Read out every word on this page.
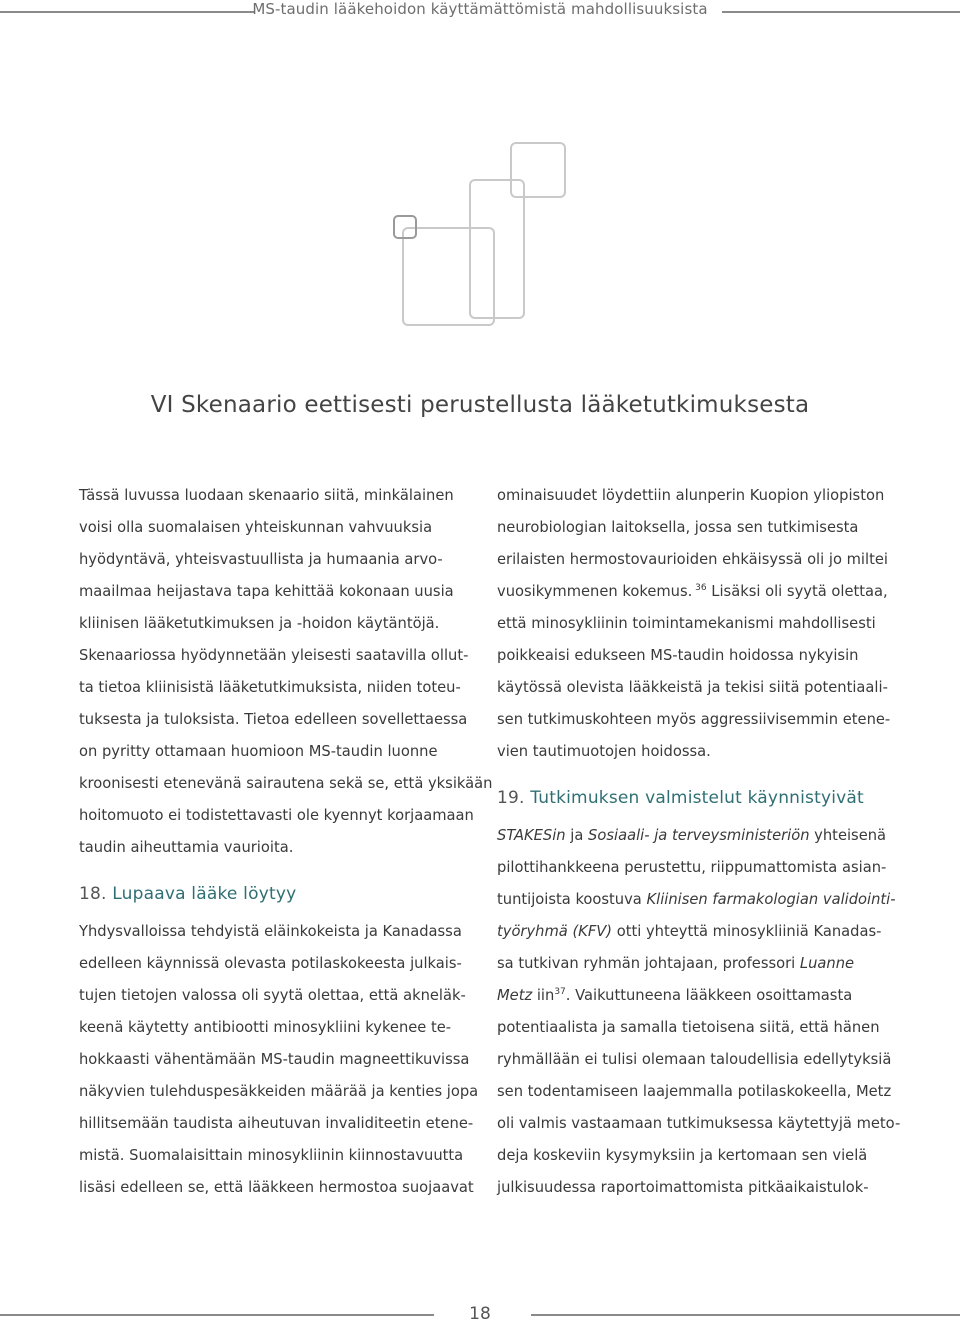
MS-taudin lääkehoidon käyttämättömistä mahdollisuuksista
VI Skenaario eettisesti perustellusta lääketutkimuksesta

Tässä luvussa luodaan skenaario siitä, minkälainen
voisi olla suomalaisen yhteiskunnan vahvuuksia
hyödyntävä, yhteisvastuullista ja humaania arvo-
maailmaa heijastava tapa kehittää kokonaan uusia
kliinisen lääketutkimuksen ja -hoidon käytäntöjä.
Skenaariossa hyödynnetään yleisesti saatavilla ollut-
ta tietoa kliinisistä lääketutkimuksista, niiden toteu-
tuksesta ja tuloksista. Tietoa edelleen sovellettaessa
on pyritty ottamaan huomioon MS-taudin luonne
kroonisesti etenevänä sairautena sekä se, että yksikään
hoitomuoto ei todistettavasti ole kyennyt korjaamaan
taudin aiheuttamia vaurioita.

18. Lupaava lääke löytyy

Yhdysvalloissa tehdyistä eläinkokeista ja Kanadassa
edelleen käynnissä olevasta potilaskokeesta julkais-
tujen tietojen valossa oli syytä olettaa, että akneläk-
keenä käytetty antibiootti minosykliini kykenee te-
hokkaasti vähentämään MS-taudin magneettikuvissa
näkyvien tulehduspesäkkeiden määrää ja kenties jopa
hillitsemään taudista aiheutuvan invaliditeetin etene-
mistä. Suomalaisittain minosykliinin kiinnostavuutta
lisäsi edelleen se, että lääkkeen hermostoa suojaavat

ominaisuudet löydettiin alunperin Kuopion yliopiston
neurobiologian laitoksella, jossa sen tutkimisesta
erilaisten hermostovaurioiden ehkäisyssä oli jo miltei
vuosikymmenen kokemus. $^{36}$ Lisäksi oli syytä olettaa,
että minosykliinin toimintamekanismi mahdollisesti
poikkeaisi edukseen MS-taudin hoidossa nykyisin
käytössä olevista lääkkeistä ja tekisi siitä potentiaali-
sen tutkimuskohteen myös aggressiivisemmin etene-
vien tautimuotojen hoidossa.

19. Tutkimuksen valmistelut käynnistyivät

STAKESin ja Sosiaali- ja terveysministeriön yhteisenä
pilottihankkeena perustettu, riippumattomista asian-
tuntijoista koostuva Kliinisen farmakologian validointi-
työryhmä (KFV) otti yhteyttä minosykliiniä Kanadas-
sa tutkivan ryhmän johtajaan, professori Luanne
Metz iin$^{37}$. Vaikuttuneena lääkkeen osoittamasta
potentiaalista ja samalla tietoisena siitä, että hänen
ryhmällään ei tulisi olemaan taloudellisia edellytyksiä
sen todentamiseen laajemmalla potilaskokeella, Metz
oli valmis vastaamaan tutkimuksessa käytettyjä meto-
deja koskeviin kysymyksiin ja kertomaan sen vielä
julkisuudessa raportoimattomista pitkäaikaistulok-

18
